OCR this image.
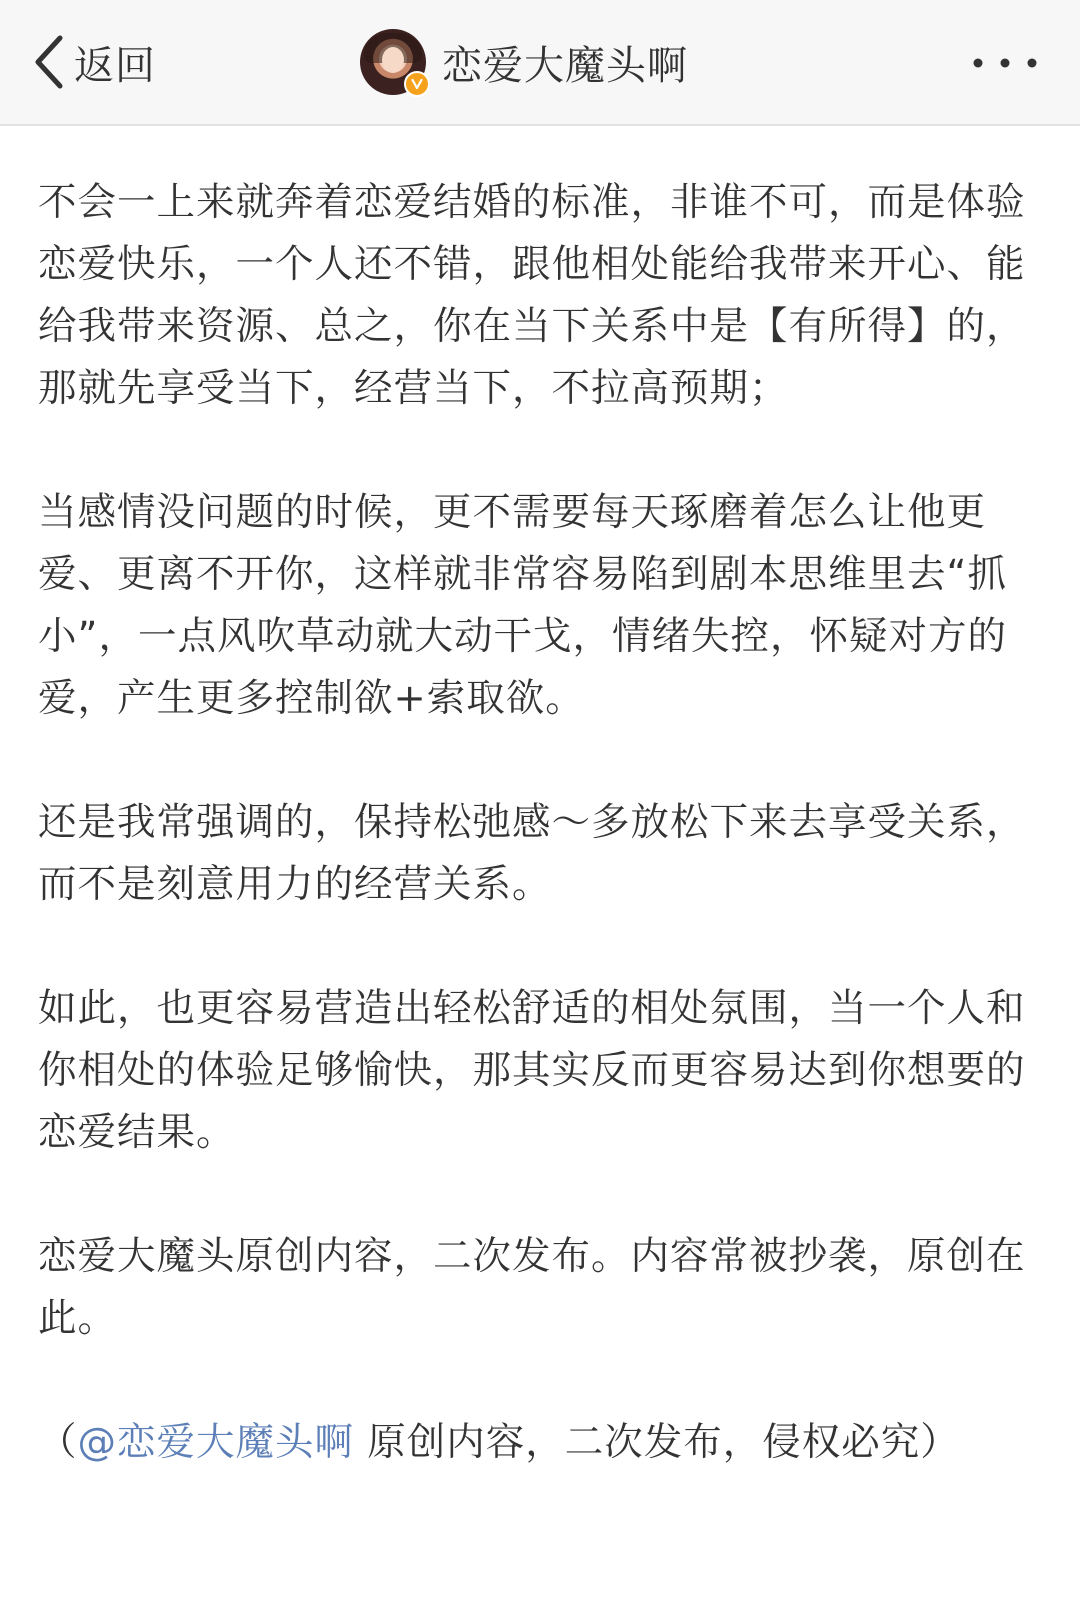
返回	恋爱大魔头啊

不会一上来就奔着恋爱结婚的标准，非谁不可，而是体验恋爱快乐，一个人还不错，跟他相处能给我带来开心、能给我带来资源、总之，你在当下关系中是【有所得】的，那就先享受当下，经营当下，不拉高预期；

当感情没问题的时候，更不需要每天琢磨着怎么让他更爱、更离不开你，这样就非常容易陷到剧本思维里去“抓小”，一点风吹草动就大动干戈，情绪失控，怀疑对方的爱，产生更多控制欲+索取欲。

还是我常强调的，保持松弛感～多放松下来去享受关系，而不是刻意用力的经营关系。

如此，也更容易营造出轻松舒适的相处氛围，当一个人和你相处的体验足够愉快，那其实反而更容易达到你想要的恋爱结果。

恋爱大魔头原创内容，二次发布。内容常被抄袭，原创在此。

（@恋爱大魔头啊 原创内容，二次发布，侵权必究）
